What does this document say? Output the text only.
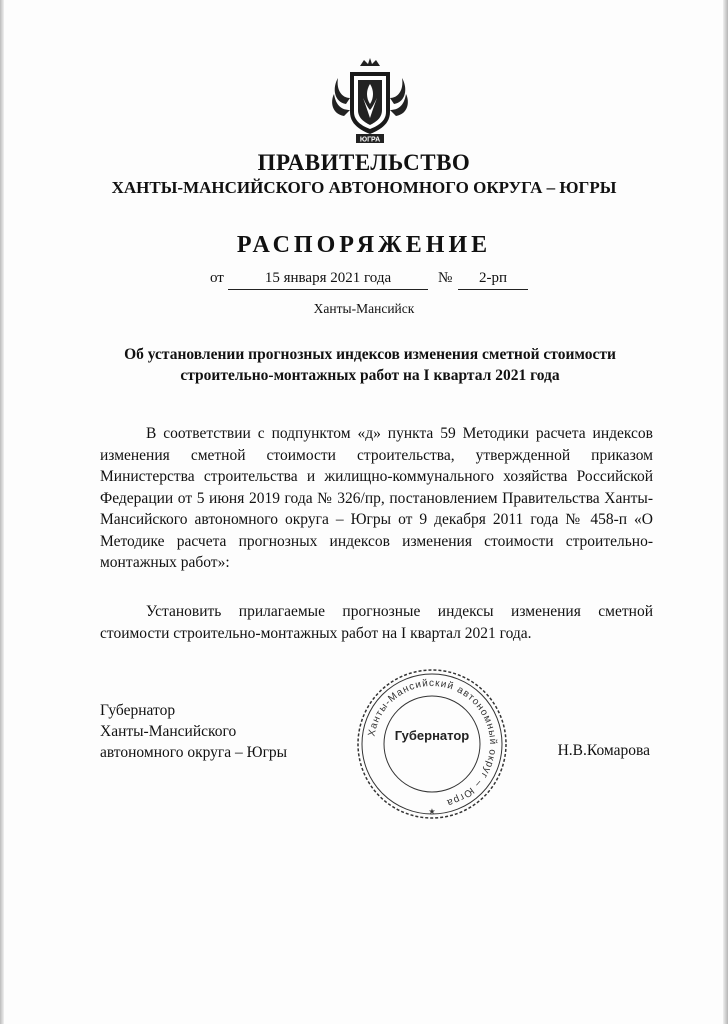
ЮГРА
ПРАВИТЕЛЬСТВО
ХАНТЫ-МАНСИЙСКОГО АВТОНОМНОГО ОКРУГА – ЮГРЫ
РАСПОРЯЖЕНИЕ
от	15 января 2021 года	№	2-рп
Ханты-Мансийск
Об установлении прогнозных индексов изменения сметной стоимости строительно-монтажных работ на I квартал 2021 года

В соответствии с подпунктом «д» пункта 59 Методики расчета индексов изменения сметной стоимости строительства, утвержденной приказом Министерства строительства и жилищно-коммунального хозяйства Российской Федерации от 5 июня 2019 года № 326/пр, постановлением Правительства Ханты-Мансийского автономного округа – Югры от 9 декабря 2011 года № 458-п «О Методике расчета прогнозных индексов изменения стоимости строительно-монтажных работ»:

Установить прилагаемые прогнозные индексы изменения сметной стоимости строительно-монтажных работ на I квартал 2021 года.

Губернатор
Ханты-Мансийского
автономного округа – Югры	Н.В.Комарова
Ханты-Мансийский автономный округ – Югра
Губернатор
★
